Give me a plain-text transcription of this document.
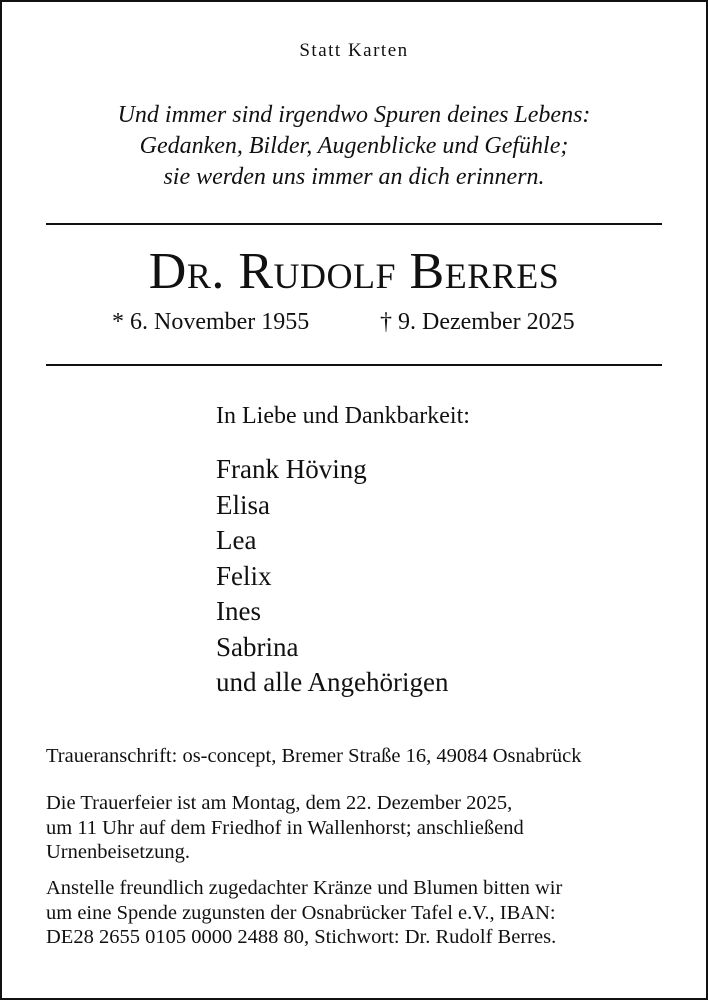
Statt Karten
Und immer sind irgendwo Spuren deines Lebens:
Gedanken, Bilder, Augenblicke und Gefühle;
sie werden uns immer an dich erinnern.
Dr. Rudolf Berres
* 6. November 1955	† 9. Dezember 2025
In Liebe und Dankbarkeit:
Frank Höving
Elisa
Lea
Felix
Ines
Sabrina
und alle Angehörigen
Traueranschrift: os-concept, Bremer Straße 16, 49084 Osnabrück
Die Trauerfeier ist am Montag, dem 22. Dezember 2025,
um 11 Uhr auf dem Friedhof in Wallenhorst; anschließend
Urnenbeisetzung.
Anstelle freundlich zugedachter Kränze und Blumen bitten wir
um eine Spende zugunsten der Osnabrücker Tafel e.V., IBAN:
DE28 2655 0105 0000 2488 80, Stichwort: Dr. Rudolf Berres.
